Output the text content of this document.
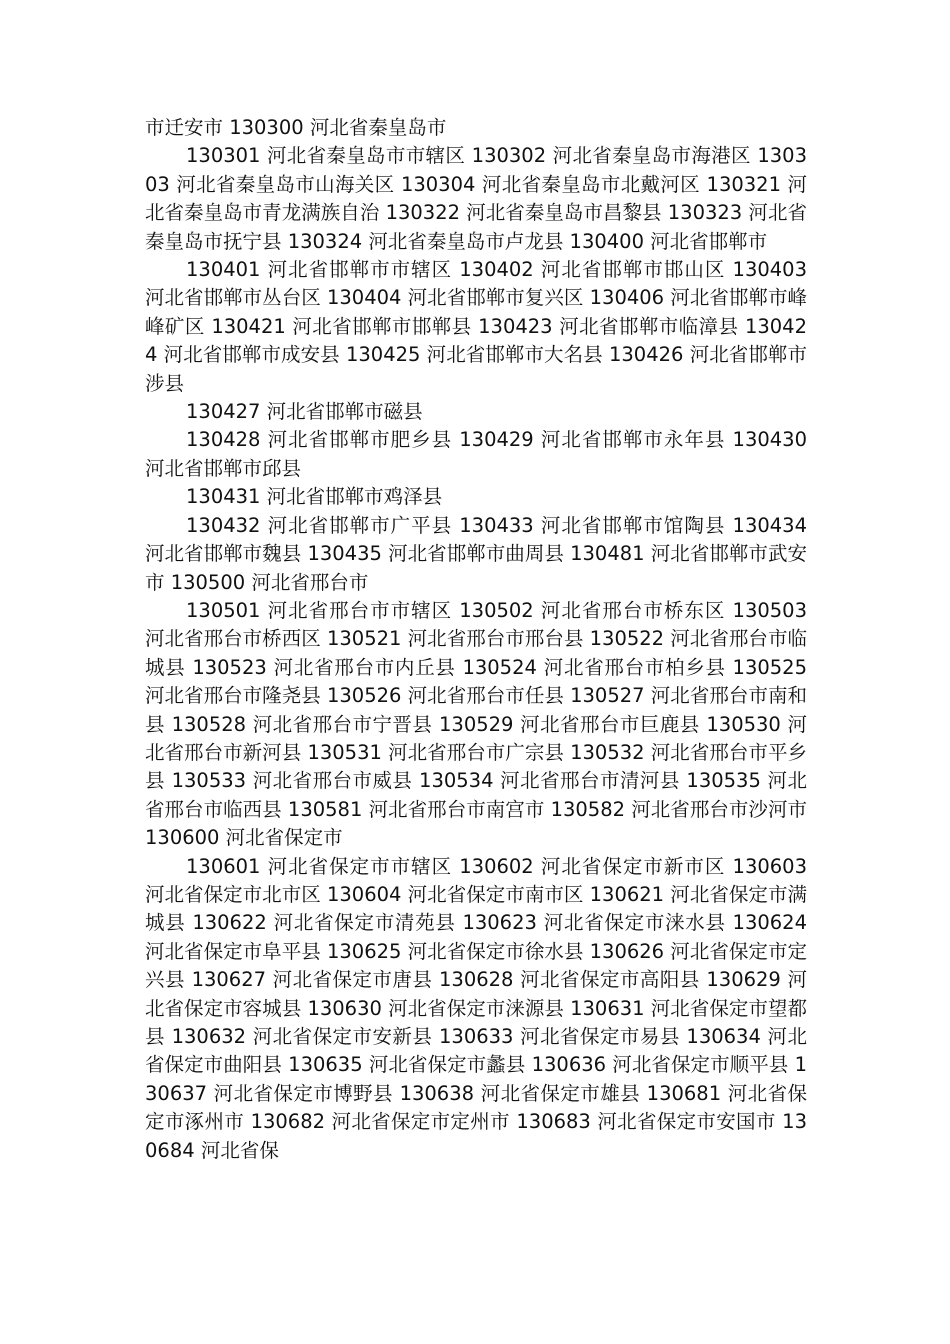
市迁安市 130300 河北省秦皇岛市

130301 河北省秦皇岛市市辖区 130302 河北省秦皇岛市海港区 130303 河北省秦皇岛市山海关区 130304 河北省秦皇岛市北戴河区 130321 河北省秦皇岛市青龙满族自治 130322 河北省秦皇岛市昌黎县 130323 河北省秦皇岛市抚宁县 130324 河北省秦皇岛市卢龙县 130400 河北省邯郸市

130401 河北省邯郸市市辖区 130402 河北省邯郸市邯山区 130403 河北省邯郸市丛台区 130404 河北省邯郸市复兴区 130406 河北省邯郸市峰峰矿区 130421 河北省邯郸市邯郸县 130423 河北省邯郸市临漳县 130424 河北省邯郸市成安县 130425 河北省邯郸市大名县 130426 河北省邯郸市涉县

130427 河北省邯郸市磁县

130428 河北省邯郸市肥乡县 130429 河北省邯郸市永年县 130430 河北省邯郸市邱县

130431 河北省邯郸市鸡泽县

130432 河北省邯郸市广平县 130433 河北省邯郸市馆陶县 130434 河北省邯郸市魏县 130435 河北省邯郸市曲周县 130481 河北省邯郸市武安市 130500 河北省邢台市

130501 河北省邢台市市辖区 130502 河北省邢台市桥东区 130503 河北省邢台市桥西区 130521 河北省邢台市邢台县 130522 河北省邢台市临城县 130523 河北省邢台市内丘县 130524 河北省邢台市柏乡县 130525 河北省邢台市隆尧县 130526 河北省邢台市任县 130527 河北省邢台市南和县 130528 河北省邢台市宁晋县 130529 河北省邢台市巨鹿县 130530 河北省邢台市新河县 130531 河北省邢台市广宗县 130532 河北省邢台市平乡县 130533 河北省邢台市威县 130534 河北省邢台市清河县 130535 河北省邢台市临西县 130581 河北省邢台市南宫市 130582 河北省邢台市沙河市 130600 河北省保定市

130601 河北省保定市市辖区 130602 河北省保定市新市区 130603 河北省保定市北市区 130604 河北省保定市南市区 130621 河北省保定市满城县 130622 河北省保定市清苑县 130623 河北省保定市涞水县 130624 河北省保定市阜平县 130625 河北省保定市徐水县 130626 河北省保定市定兴县 130627 河北省保定市唐县 130628 河北省保定市高阳县 130629 河北省保定市容城县 130630 河北省保定市涞源县 130631 河北省保定市望都县 130632 河北省保定市安新县 130633 河北省保定市易县 130634 河北省保定市曲阳县 130635 河北省保定市蠡县 130636 河北省保定市顺平县 130637 河北省保定市博野县 130638 河北省保定市雄县 130681 河北省保定市涿州市 130682 河北省保定市定州市 130683 河北省保定市安国市 130684 河北省保
